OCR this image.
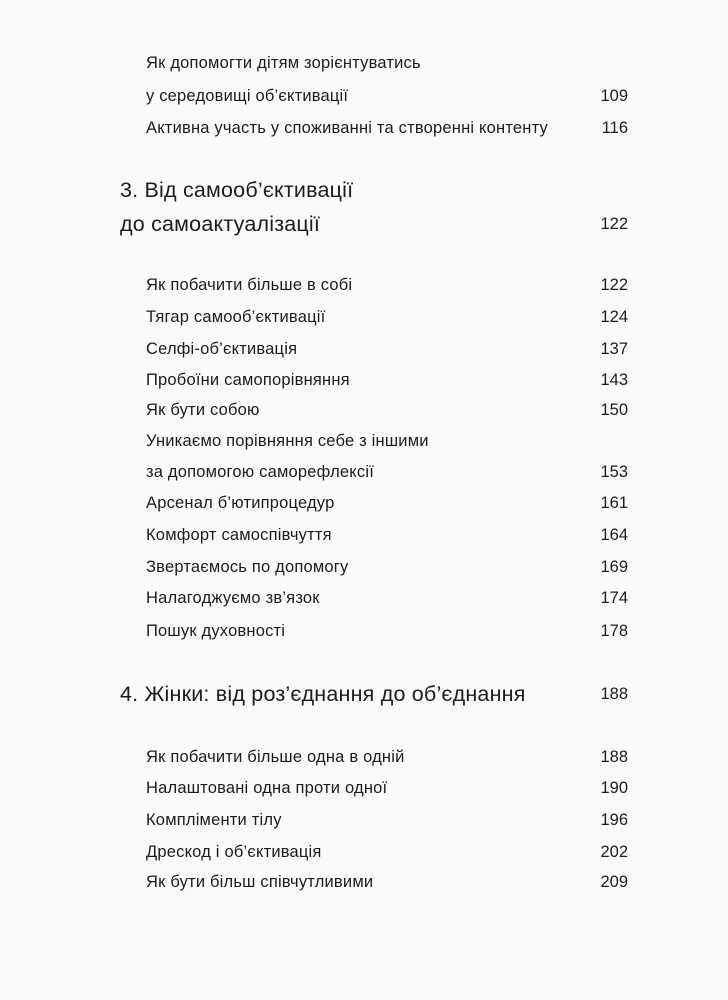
Як допомогти дітям зорієнтуватись
у середовищі об’єктивації	109
Активна участь у споживанні та створенні контенту	116
3. Від самооб’єктивації
до самоактуалізації	122
Як побачити більше в собі	122
Тягар самооб’єктивації	124
Селфі-об’єктивація	137
Пробоїни самопорівняння	143
Як бути собою	150
Уникаємо порівняння себе з іншими
за допомогою саморефлексії	153
Арсенал б’ютипроцедур	161
Комфорт самоспівчуття	164
Звертаємось по допомогу	169
Налагоджуємо зв’язок	174
Пошук духовності	178
4. Жінки: від роз’єднання до об’єднання	188
Як побачити більше одна в одній	188
Налаштовані одна проти одної	190
Компліменти тілу	196
Дрескод і об’єктивація	202
Як бути більш співчутливими	209
